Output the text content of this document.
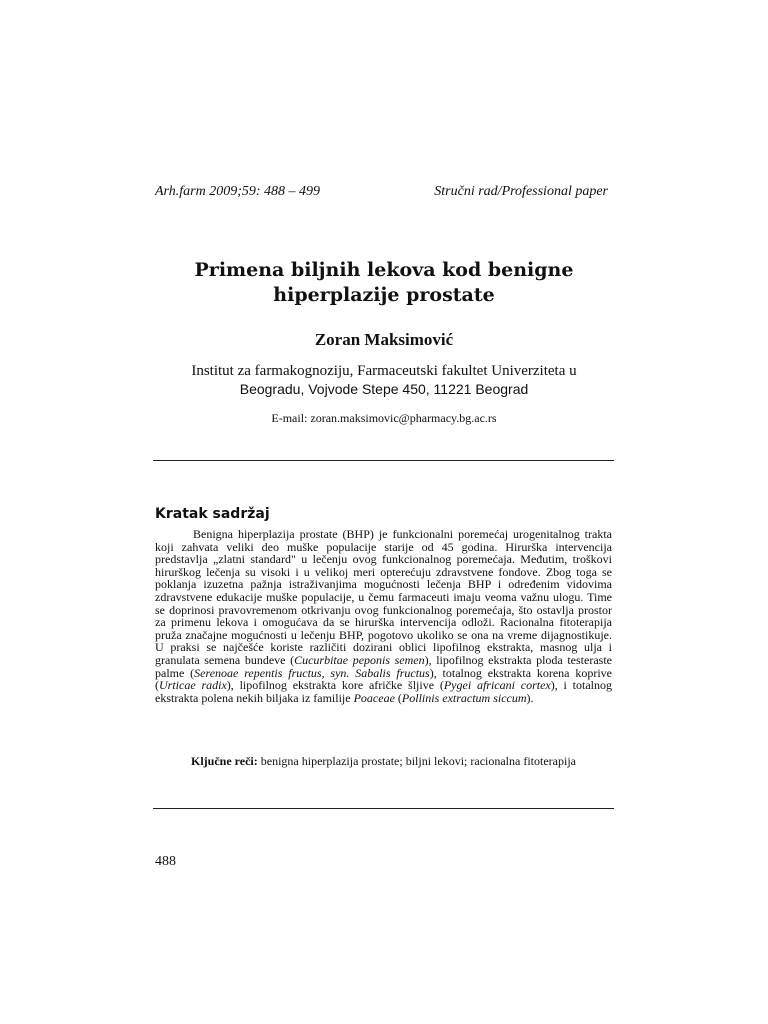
Arh.farm 2009;59: 488 – 499	Stručni rad/Professional paper
Primena biljnih lekova kod benigne
hiperplazije prostate
Zoran Maksimović
Institut za farmakognoziju, Farmaceutski fakultet Univerziteta u
Beogradu, Vojvode Stepe 450, 11221 Beograd
E-mail: zoran.maksimovic@pharmacy.bg.ac.rs
Kratak sadržaj

Benigna hiperplazija prostate (BHP) je funkcionalni poremećaj urogenitalnog trakta koji zahvata veliki deo muške populacije starije od 45 godina. Hirurška intervencija predstavlja „zlatni standard" u lečenju ovog funkcionalnog poremećaja. Međutim, troškovi hirurškog lečenja su visoki i u velikoj meri opterećuju zdravstvene fondove. Zbog toga se poklanja izuzetna pažnja istraživanjima mogućnosti lečenja BHP i određenim vidovima zdravstvene edukacije muške populacije, u čemu farmaceuti imaju veoma važnu ulogu. Time se doprinosi pravovremenom otkrivanju ovog funkcionalnog poremećaja, što ostavlja prostor za primenu lekova i omogućava da se hirurška intervencija odloži. Racionalna fitoterapija pruža značajne mogućnosti u lečenju BHP, pogotovo ukoliko se ona na vreme dijagnostikuje. U praksi se najčešće koriste različiti dozirani oblici lipofilnog ekstrakta, masnog ulja i granulata semena bundeve (Cucurbitae peponis semen), lipofilnog ekstrakta ploda testeraste palme (Serenoae repentis fructus, syn. Sabalis fructus), totalnog ekstrakta korena koprive (Urticae radix), lipofilnog ekstrakta kore afričke šljive (Pygei africani cortex), i totalnog ekstrakta polena nekih biljaka iz familije Poaceae (Pollinis extractum siccum).

Ključne reči: benigna hiperplazija prostate; biljni lekovi; racionalna fitoterapija
488
